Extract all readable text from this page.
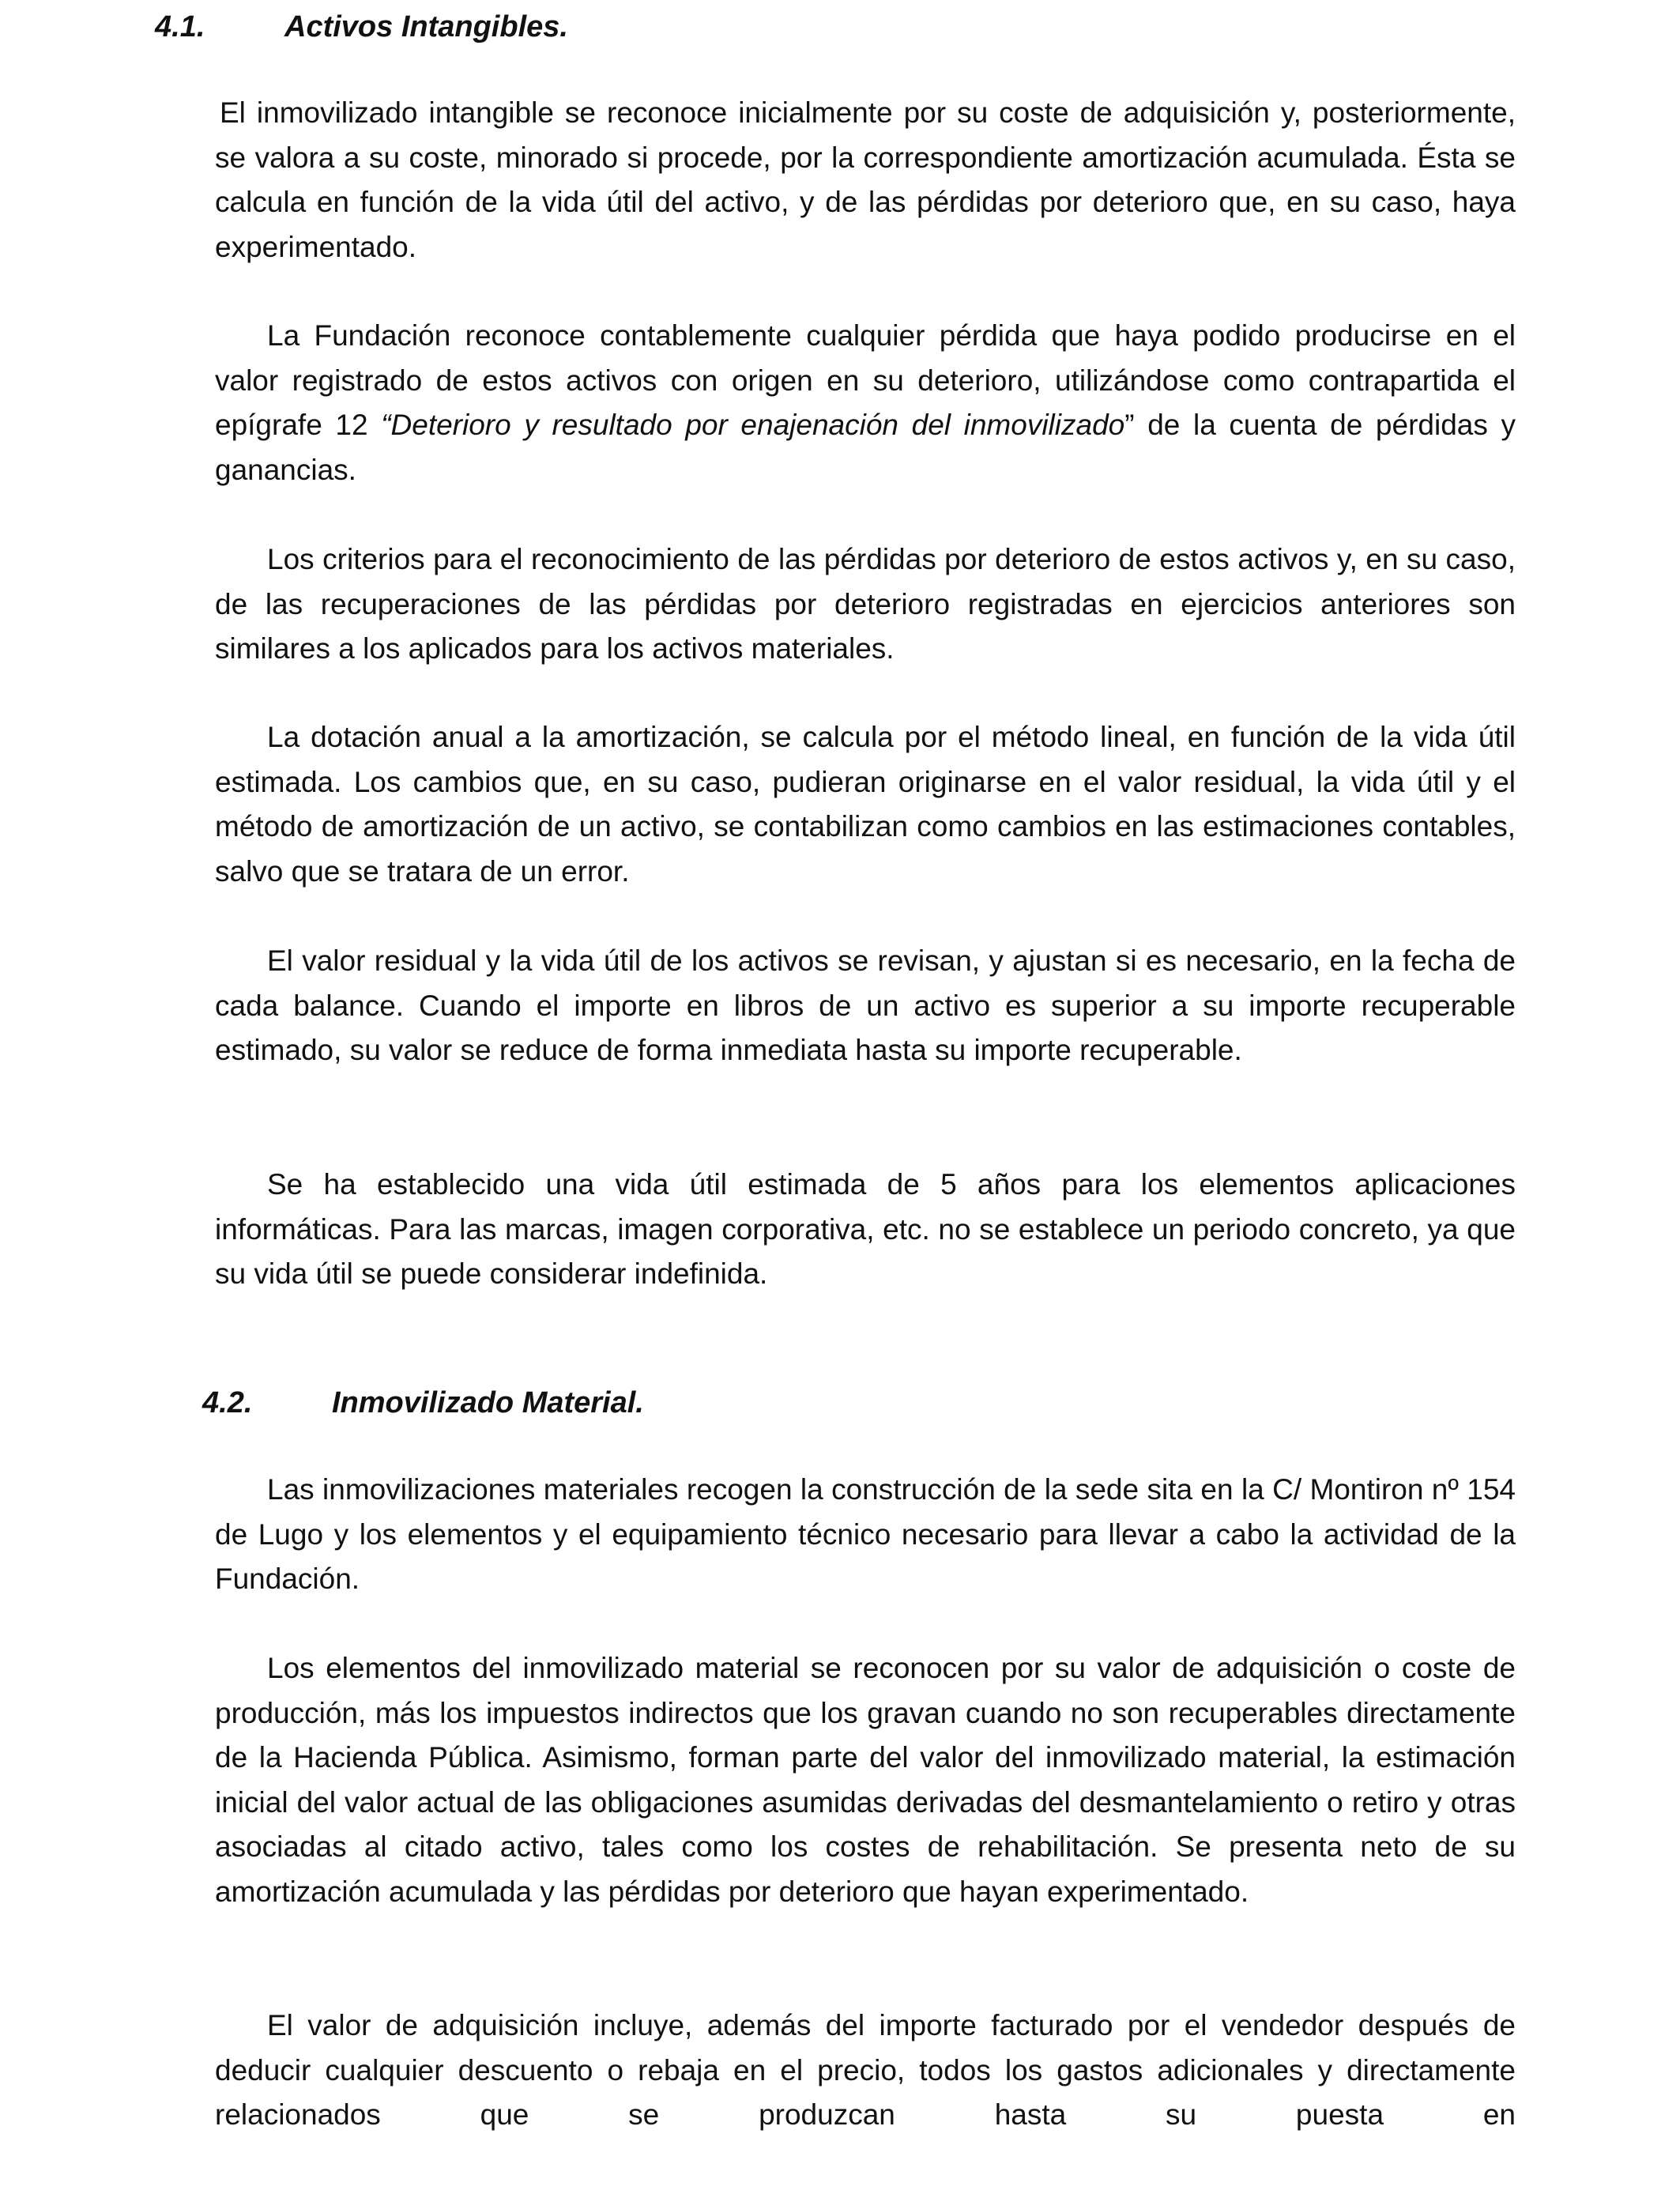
4.1.	Activos Intangibles.

El inmovilizado intangible se reconoce inicialmente por su coste de adquisición y, posteriormente, se valora a su coste, minorado si procede, por la correspondiente amortización acumulada. Ésta se calcula en función de la vida útil del activo, y de las pérdidas por deterioro que, en su caso, haya experimentado.

La Fundación reconoce contablemente cualquier pérdida que haya podido producirse en el valor registrado de estos activos con origen en su deterioro, utilizándose como contrapartida el epígrafe 12 “Deterioro y resultado por enajenación del inmovilizado” de la cuenta de pérdidas y ganancias.

Los criterios para el reconocimiento de las pérdidas por deterioro de estos activos y, en su caso, de las recuperaciones de las pérdidas por deterioro registradas en ejercicios anteriores son similares a los aplicados para los activos materiales.

La dotación anual a la amortización, se calcula por el método lineal, en función de la vida útil estimada. Los cambios que, en su caso, pudieran originarse en el valor residual, la vida útil y el método de amortización de un activo, se contabilizan como cambios en las estimaciones contables, salvo que se tratara de un error.

El valor residual y la vida útil de los activos se revisan, y ajustan si es necesario, en la fecha de cada balance. Cuando el importe en libros de un activo es superior a su importe recuperable estimado, su valor se reduce de forma inmediata hasta su importe recuperable.

Se ha establecido una vida útil estimada de 5 años para los elementos aplicaciones informáticas. Para las marcas, imagen corporativa, etc. no se establece un periodo concreto, ya que su vida útil se puede considerar indefinida.

4.2.	Inmovilizado Material.

Las inmovilizaciones materiales recogen la construcción de la sede sita en la C/ Montiron nº 154 de Lugo y los elementos y el equipamiento técnico necesario para llevar a cabo la actividad de la Fundación.

Los elementos del inmovilizado material se reconocen por su valor de adquisición o coste de producción, más los impuestos indirectos que los gravan cuando no son recuperables directamente de la Hacienda Pública. Asimismo, forman parte del valor del inmovilizado material, la estimación inicial del valor actual de las obligaciones asumidas derivadas del desmantelamiento o retiro y otras asociadas al citado activo, tales como los costes de rehabilitación. Se presenta neto de su amortización acumulada y las pérdidas por deterioro que hayan experimentado.

El valor de adquisición incluye, además del importe facturado por el vendedor después de deducir cualquier descuento o rebaja en el precio, todos los gastos adicionales y directamente relacionados que se produzcan hasta su puesta en
